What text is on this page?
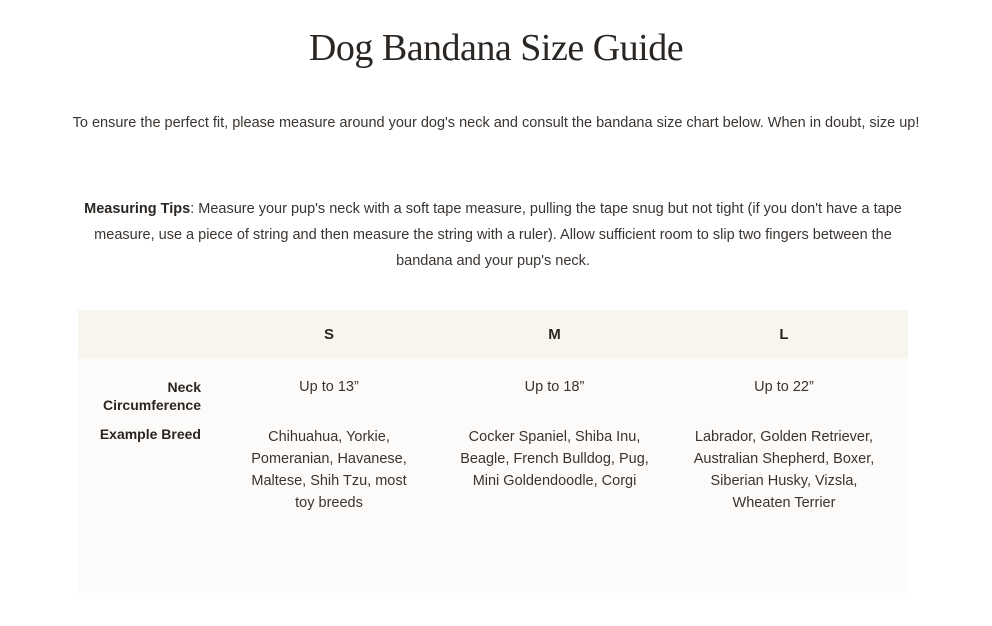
Dog Bandana Size Guide

To ensure the perfect fit, please measure around your dog's neck and consult the bandana size chart below. When in doubt, size up!

Measuring Tips: Measure your pup's neck with a soft tape measure, pulling the tape snug but not tight (if you don't have a tape measure, use a piece of string and then measure the string with a ruler). Allow sufficient room to slip two fingers between the bandana and your pup's neck.

	S	M	L
Neck Circumference	Up to 13”	Up to 18”	Up to 22”
Example Breed	Chihuahua, Yorkie, Pomeranian, Havanese, Maltese, Shih Tzu, most toy breeds	Cocker Spaniel, Shiba Inu, Beagle, French Bulldog, Pug, Mini Goldendoodle, Corgi	Labrador, Golden Retriever, Australian Shepherd, Boxer, Siberian Husky, Vizsla, Wheaten Terrier
